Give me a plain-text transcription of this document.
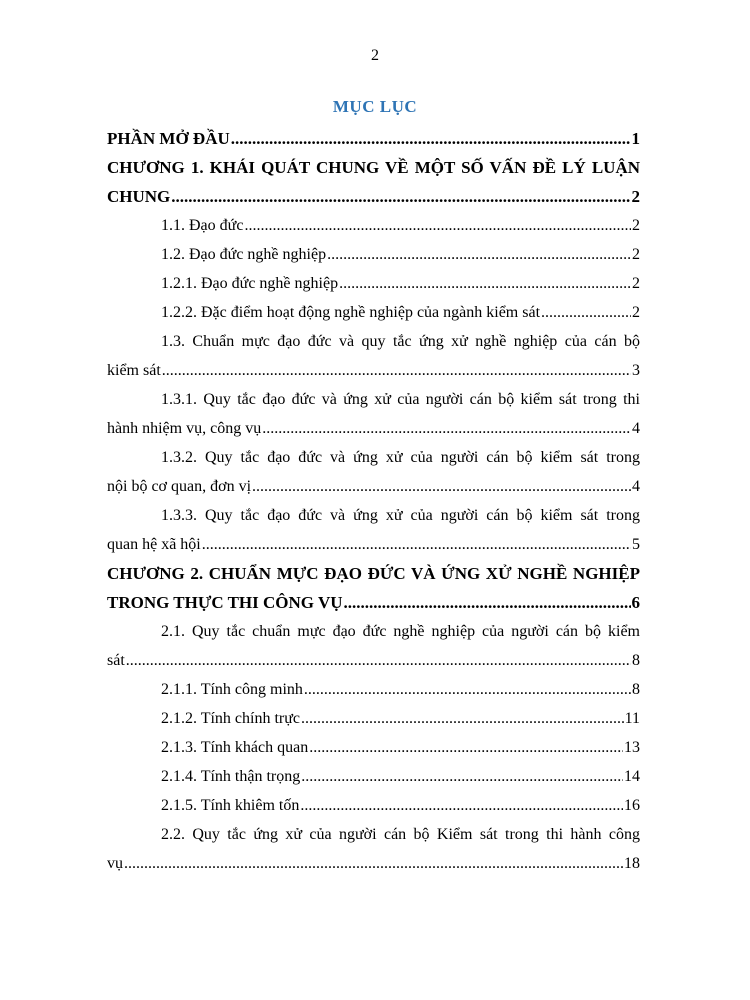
2
MỤC LỤC
PHẦN MỞ ĐẦU .....	1
CHƯƠNG 1. KHÁI QUÁT CHUNG VỀ MỘT SỐ VẤN ĐỀ LÝ LUẬN
CHUNG .....	2
1.1. Đạo đức .....	2
1.2. Đạo đức nghề nghiệp .....	2
1.2.1. Đạo đức nghề nghiệp .....	2
1.2.2. Đặc điểm hoạt động nghề nghiệp của ngành kiểm sát .....	2
1.3. Chuẩn mực đạo đức và quy tắc ứng xử nghề nghiệp của cán bộ
kiểm sát .....	3
1.3.1. Quy tắc đạo đức và ứng xử của người cán bộ kiểm sát trong thi
hành nhiệm vụ, công vụ .....	4
1.3.2. Quy tắc đạo đức và ứng xử của người cán bộ kiểm sát trong
nội bộ cơ quan, đơn vị .....	4
1.3.3. Quy tắc đạo đức và ứng xử của người cán bộ kiểm sát trong
quan hệ xã hội .....	5
CHƯƠNG 2. CHUẨN MỰC ĐẠO ĐỨC VÀ ỨNG XỬ NGHỀ NGHIỆP
TRONG THỰC THI CÔNG VỤ .....	6
2.1. Quy tắc chuẩn mực đạo đức nghề nghiệp của người cán bộ kiểm
sát .....	8
2.1.1. Tính công minh .....	8
2.1.2. Tính chính trực .....	11
2.1.3. Tính khách quan .....	13
2.1.4. Tính thận trọng .....	14
2.1.5. Tính khiêm tốn .....	16
2.2. Quy tắc ứng xử của người cán bộ Kiểm sát trong thi hành công
vụ .....	18
